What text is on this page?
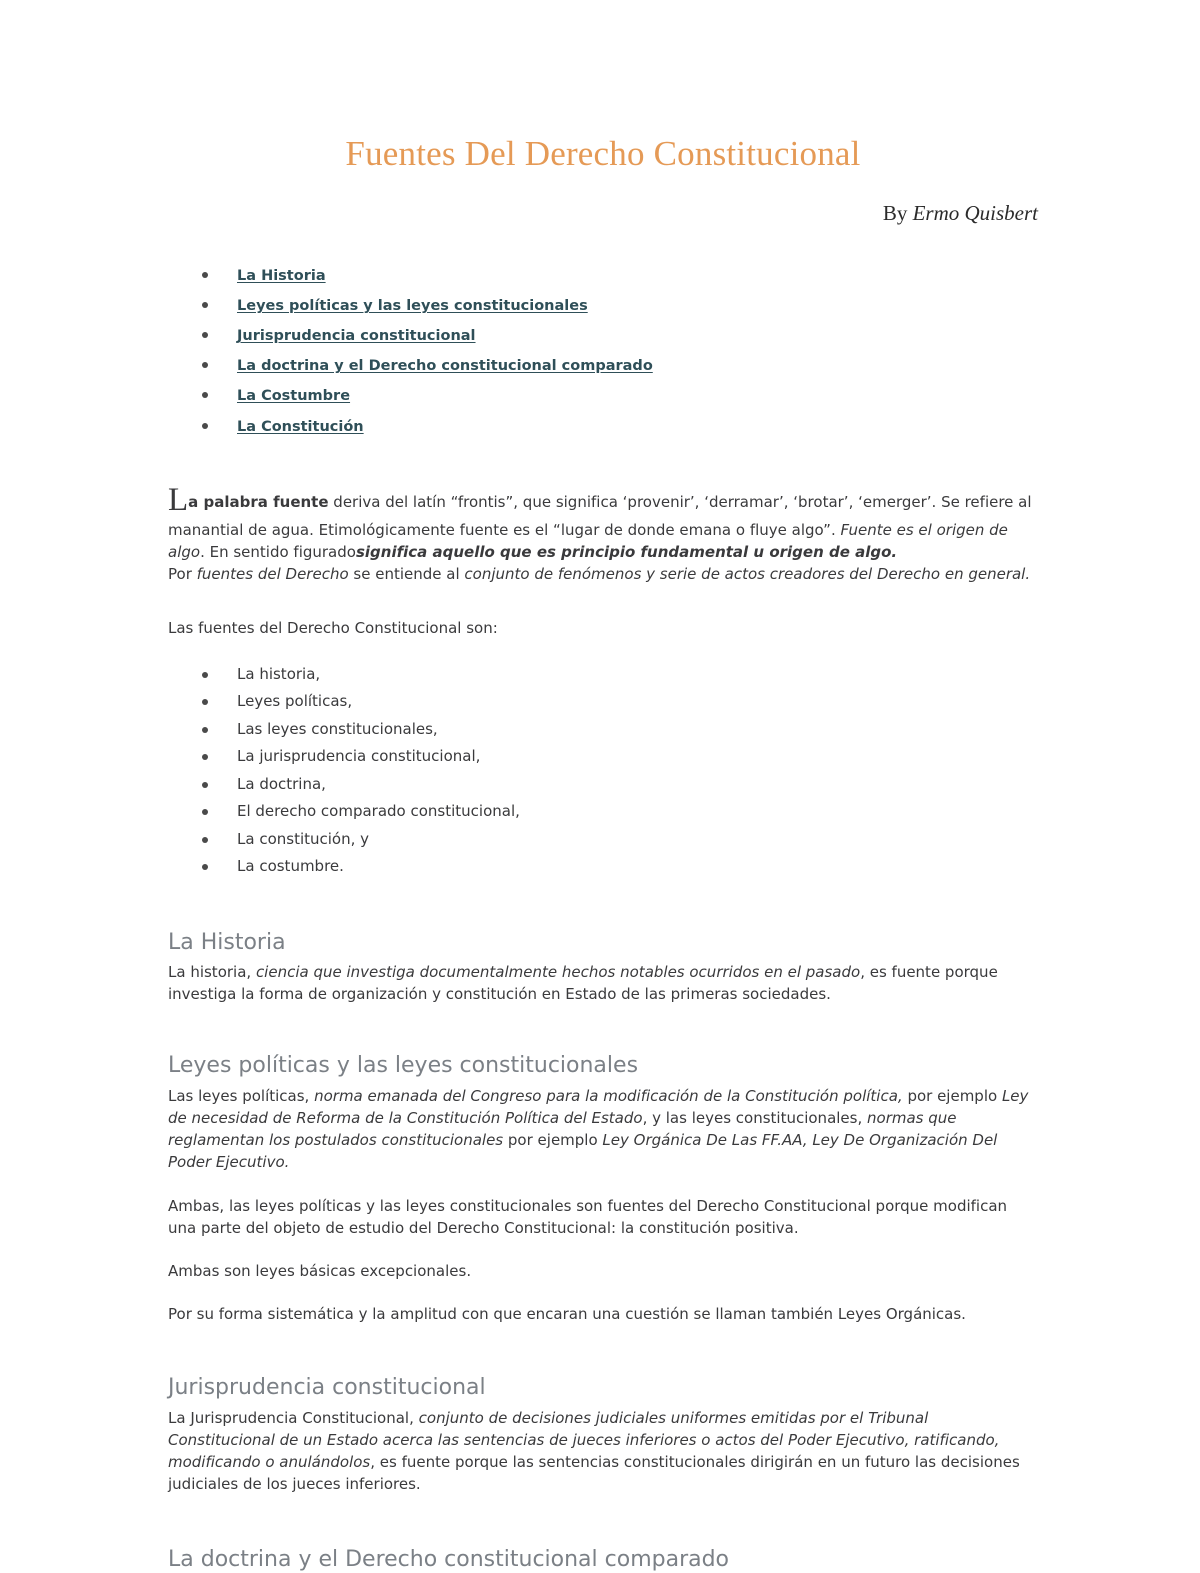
Fuentes Del Derecho Constitucional

By Ermo Quisbert

La Historia
Leyes políticas y las leyes constitucionales
Jurisprudencia constitucional
La doctrina y el Derecho constitucional comparado
La Costumbre
La Constitución

La palabra fuente deriva del latín “frontis”, que significa ‘provenir’, ‘derramar’, ‘brotar’, ‘emerger’. Se refiere al

manantial de agua. Etimológicamente fuente es el “lugar de donde emana o fluye algo”. Fuente es el origen de algo. En sentido figuradosignifica aquello que es principio fundamental u origen de algo.

Por fuentes del Derecho se entiende al conjunto de fenómenos y serie de actos creadores del Derecho en general.

Las fuentes del Derecho Constitucional son:

La historia,
Leyes políticas,
Las leyes constitucionales,
La jurisprudencia constitucional,
La doctrina,
El derecho comparado constitucional,
La constitución, y
La costumbre.
La Historia

La historia, ciencia que investiga documentalmente hechos notables ocurridos en el pasado, es fuente porque investiga la forma de organización y constitución en Estado de las primeras sociedades.

Leyes políticas y las leyes constitucionales

Las leyes políticas, norma emanada del Congreso para la modificación de la Constitución política, por ejemplo Ley de necesidad de Reforma de la Constitución Política del Estado, y las leyes constitucionales, normas que reglamentan los postulados constitucionales por ejemplo Ley Orgánica De Las FF.AA, Ley De Organización Del Poder Ejecutivo.

Ambas, las leyes políticas y las leyes constitucionales son fuentes del Derecho Constitucional porque modifican una parte del objeto de estudio del Derecho Constitucional: la constitución positiva.

Ambas son leyes básicas excepcionales.

Por su forma sistemática y la amplitud con que encaran una cuestión se llaman también Leyes Orgánicas.

Jurisprudencia constitucional

La Jurisprudencia Constitucional, conjunto de decisiones judiciales uniformes emitidas por el Tribunal Constitucional de un Estado acerca las sentencias de jueces inferiores o actos del Poder Ejecutivo, ratificando, modificando o anulándolos, es fuente porque las sentencias constitucionales dirigirán en un futuro las decisiones judiciales de los jueces inferiores.

La doctrina y el Derecho constitucional comparado
